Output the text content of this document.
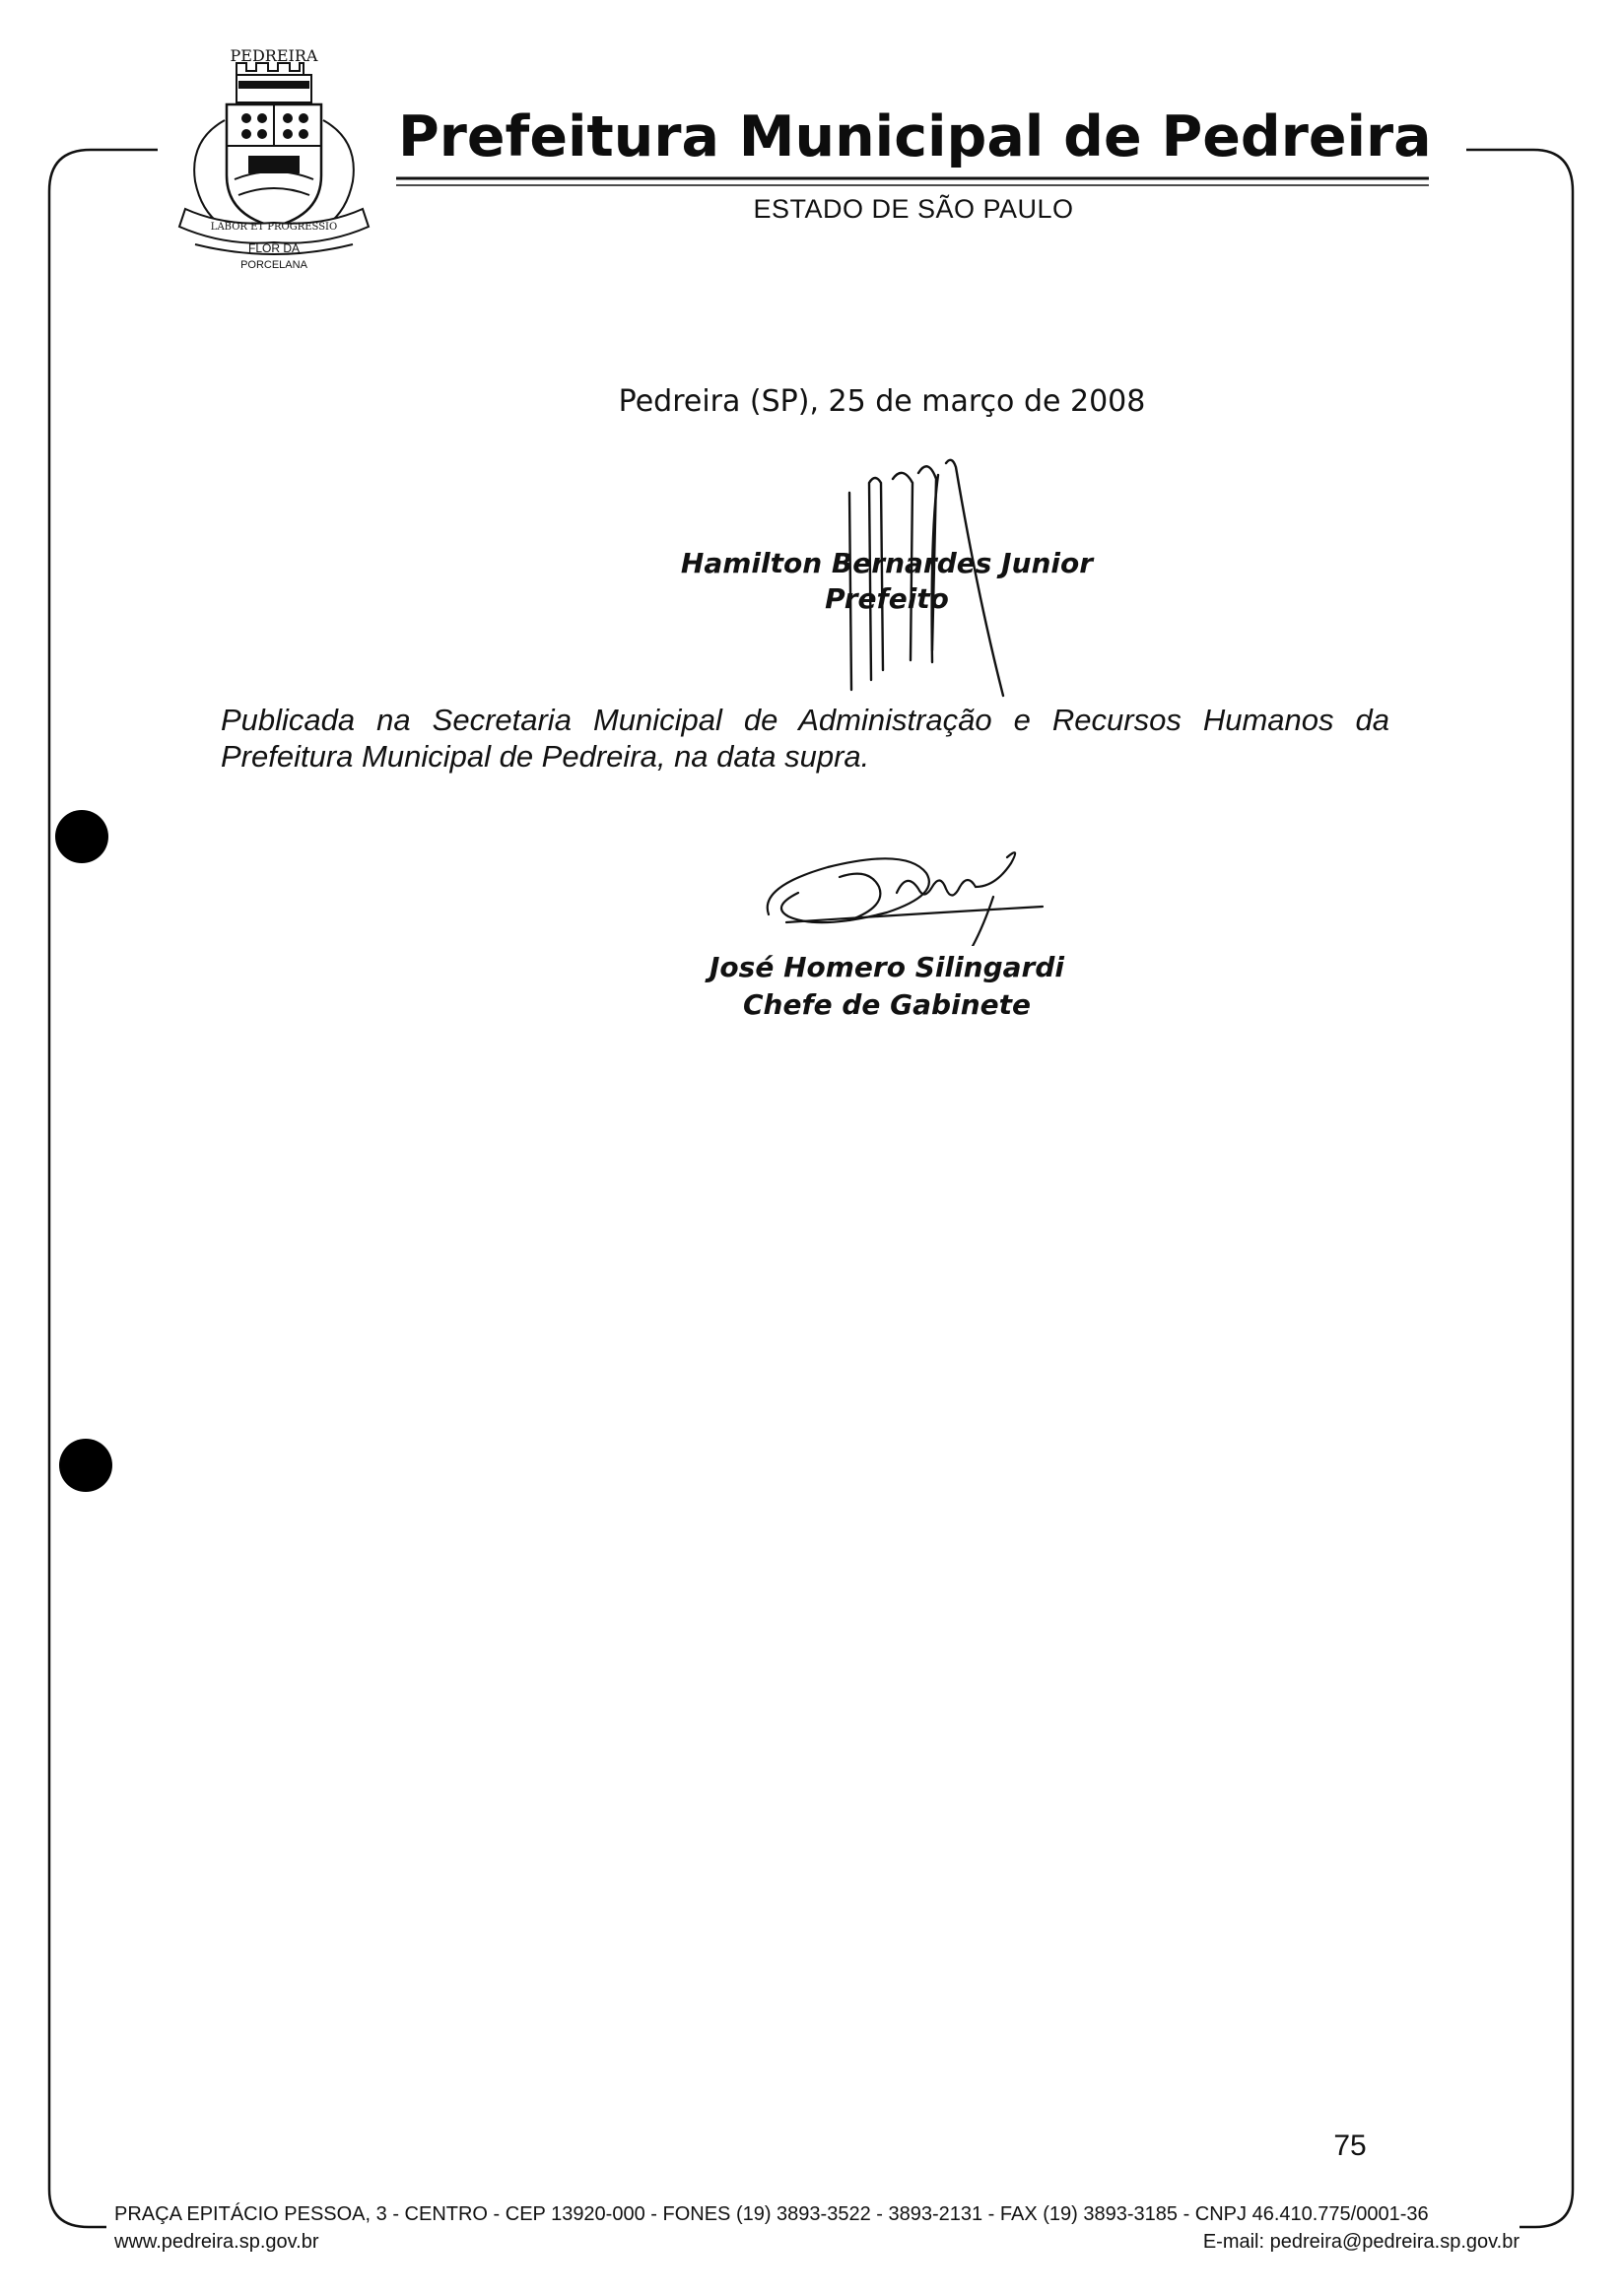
PEDREIRA
LABOR ET PROGRESSIO
FLOR DA
PORCELANA
Prefeitura Municipal de Pedreira
ESTADO DE SÃO PAULO
Pedreira (SP), 25 de março de 2008
Hamilton Bernardes Junior
Prefeito

Publicada na Secretaria Municipal de Administração e Recursos Humanos da Prefeitura Municipal de Pedreira, na data supra.

José Homero Silingardi
Chefe de Gabinete
75
PRAÇA EPITÁCIO PESSOA, 3 - CENTRO - CEP 13920-000 - FONES (19) 3893-3522 - 3893-2131 - FAX (19) 3893-3185 - CNPJ 46.410.775/0001-36
www.pedreira.sp.gov.br	E-mail: pedreira@pedreira.sp.gov.br
